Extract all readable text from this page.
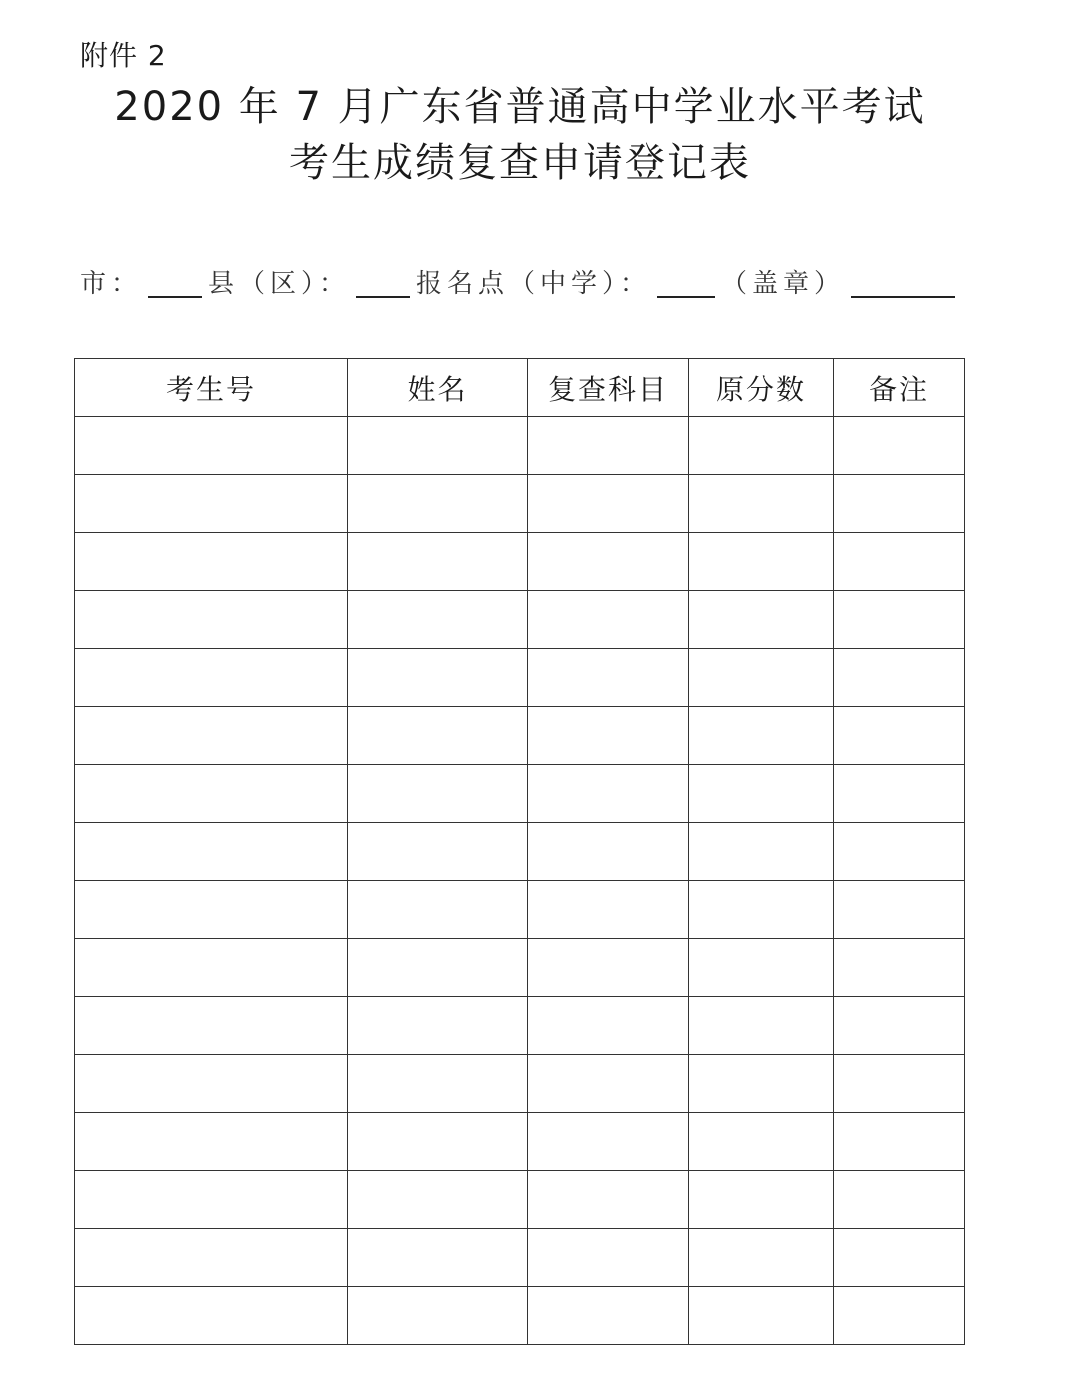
附件 2
2020 年 7 月广东省普通高中学业水平考试
考生成绩复查申请登记表
市：	县（区）：	报名点（中学）：	（盖章）
考生号	姓名	复查科目	原分数	备注
